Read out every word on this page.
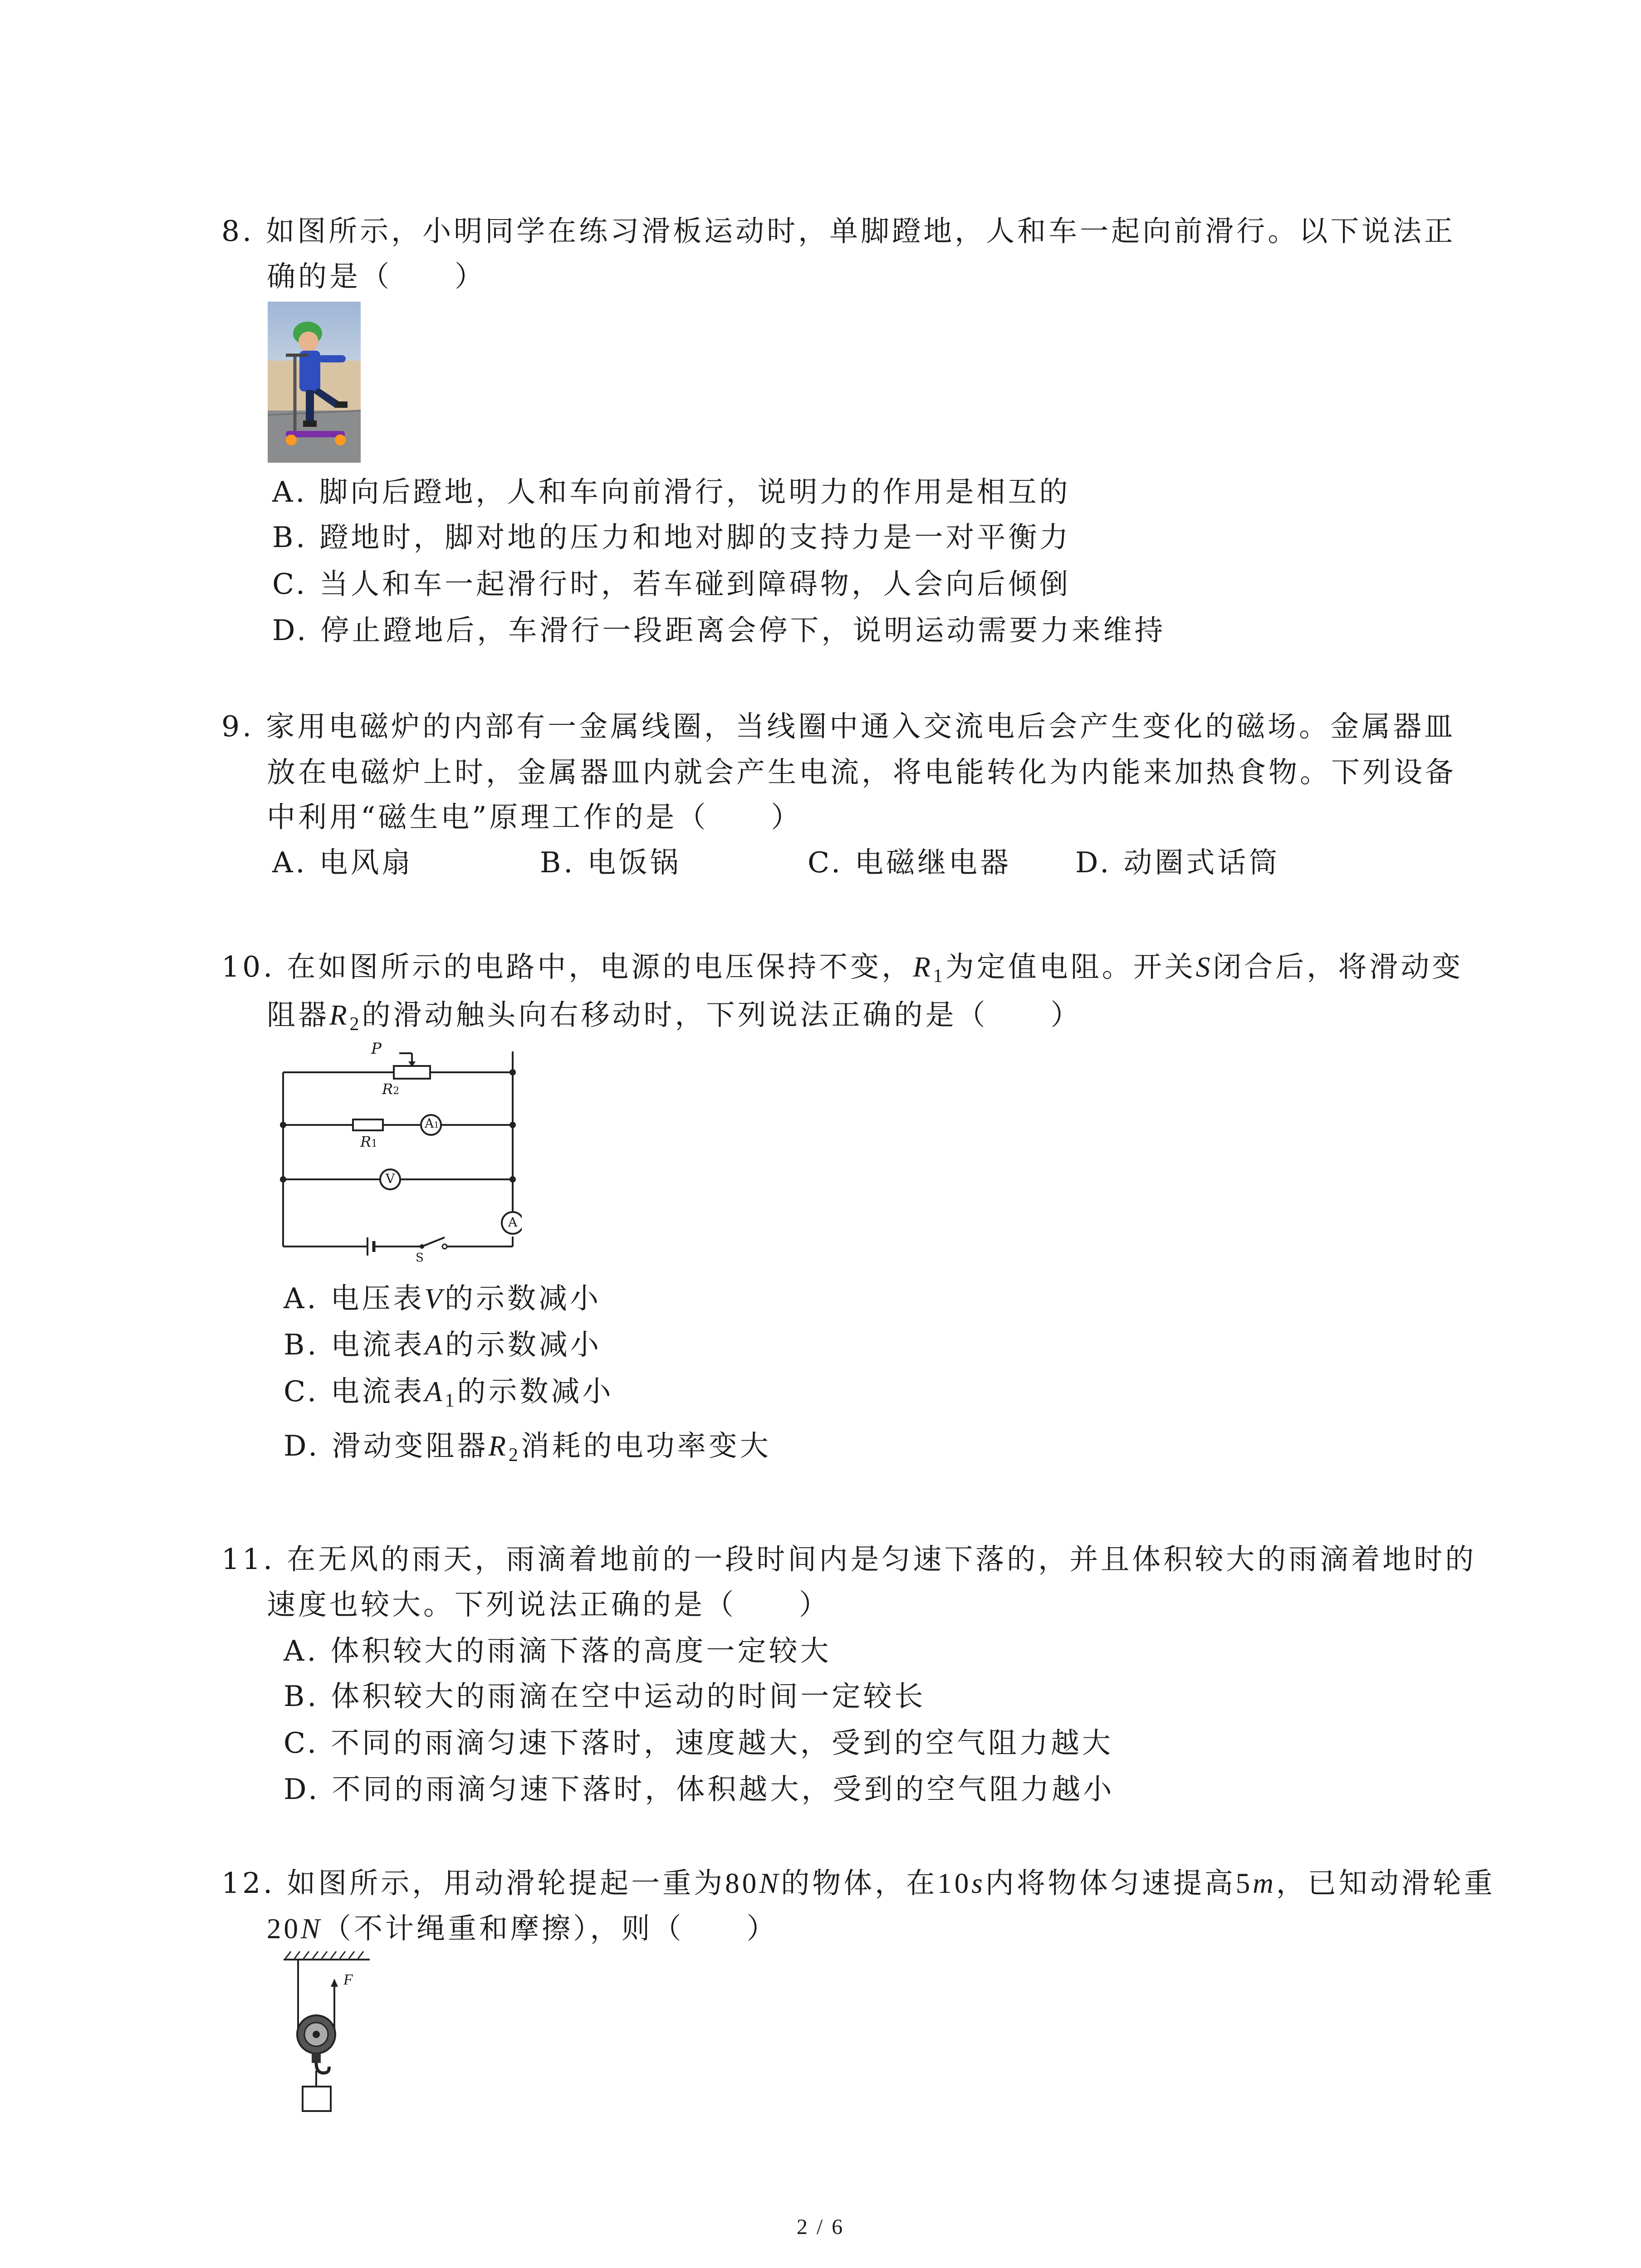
8. 如图所示，小明同学在练习滑板运动时，单脚蹬地，人和车一起向前滑行。以下说法正
确的是（　　）
A. 脚向后蹬地，人和车向前滑行，说明力的作用是相互的
B. 蹬地时，脚对地的压力和地对脚的支持力是一对平衡力
C. 当人和车一起滑行时，若车碰到障碍物，人会向后倾倒
D. 停止蹬地后，车滑行一段距离会停下，说明运动需要力来维持
9. 家用电磁炉的内部有一金属线圈，当线圈中通入交流电后会产生变化的磁场。金属器皿
放在电磁炉上时，金属器皿内就会产生电流，将电能转化为内能来加热食物。下列设备
中利用“磁生电”原理工作的是（　　）
A. 电风扇	B. 电饭锅	C. 电磁继电器 D. 动圈式话筒
10. 在如图所示的电路中，电源的电压保持不变，$R_1$为定值电阻。开关S闭合后，将滑动变
阻器$R_2$的滑动触头向右移动时，下列说法正确的是（　　）
P
R2
R1
A1
V
A
S
A. 电压表V的示数减小
B. 电流表A的示数减小
C. 电流表$A_1$的示数减小
D. 滑动变阻器$R_2$消耗的电功率变大
11. 在无风的雨天，雨滴着地前的一段时间内是匀速下落的，并且体积较大的雨滴着地时的
速度也较大。下列说法正确的是（　　）
A. 体积较大的雨滴下落的高度一定较大
B. 体积较大的雨滴在空中运动的时间一定较长
C. 不同的雨滴匀速下落时，速度越大，受到的空气阻力越大
D. 不同的雨滴匀速下落时，体积越大，受到的空气阻力越小
12. 如图所示，用动滑轮提起一重为80N的物体，在10s内将物体匀速提高5m，已知动滑轮重
20N（不计绳重和摩擦），则（　　）
F
2 / 6
